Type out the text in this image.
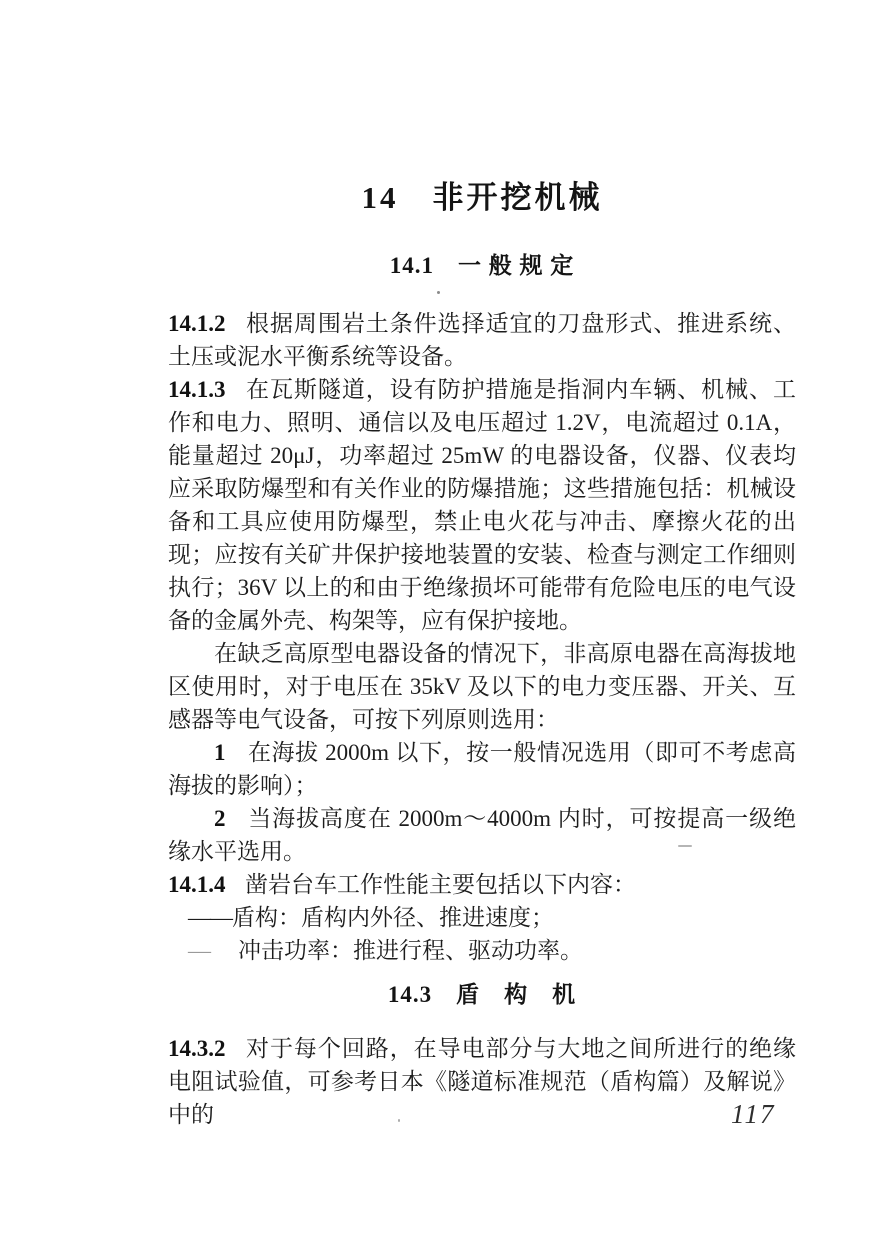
14　非开挖机械
14.1　一 般 规 定

14.1.2 根据周围岩土条件选择适宜的刀盘形式、推进系统、土压或泥水平衡系统等设备。

14.1.3 在瓦斯隧道，设有防护措施是指洞内车辆、机械、工作和电力、照明、通信以及电压超过 1.2V，电流超过 0.1A，能量超过 20μJ，功率超过 25mW 的电器设备，仪器、仪表均应采取防爆型和有关作业的防爆措施；这些措施包括：机械设备和工具应使用防爆型，禁止电火花与冲击、摩擦火花的出现；应按有关矿井保护接地装置的安装、检查与测定工作细则执行；36V 以上的和由于绝缘损坏可能带有危险电压的电气设备的金属外壳、构架等，应有保护接地。

在缺乏高原型电器设备的情况下，非高原电器在高海拔地区使用时，对于电压在 35kV 及以下的电力变压器、开关、互感器等电气设备，可按下列原则选用：

1 在海拔 2000m 以下，按一般情况选用（即可不考虑高海拔的影响）；

2 当海拔高度在 2000m～4000m 内时，可按提高一级绝缘水平选用。

14.1.4 凿岩台车工作性能主要包括以下内容：

——盾构：盾构内外径、推进速度；

— 冲击功率：推进行程、驱动功率。

14.3　盾　构　机

14.3.2 对于每个回路，在导电部分与大地之间所进行的绝缘电阻试验值，可参考日本《隧道标准规范（盾构篇）及解说》中的	117
